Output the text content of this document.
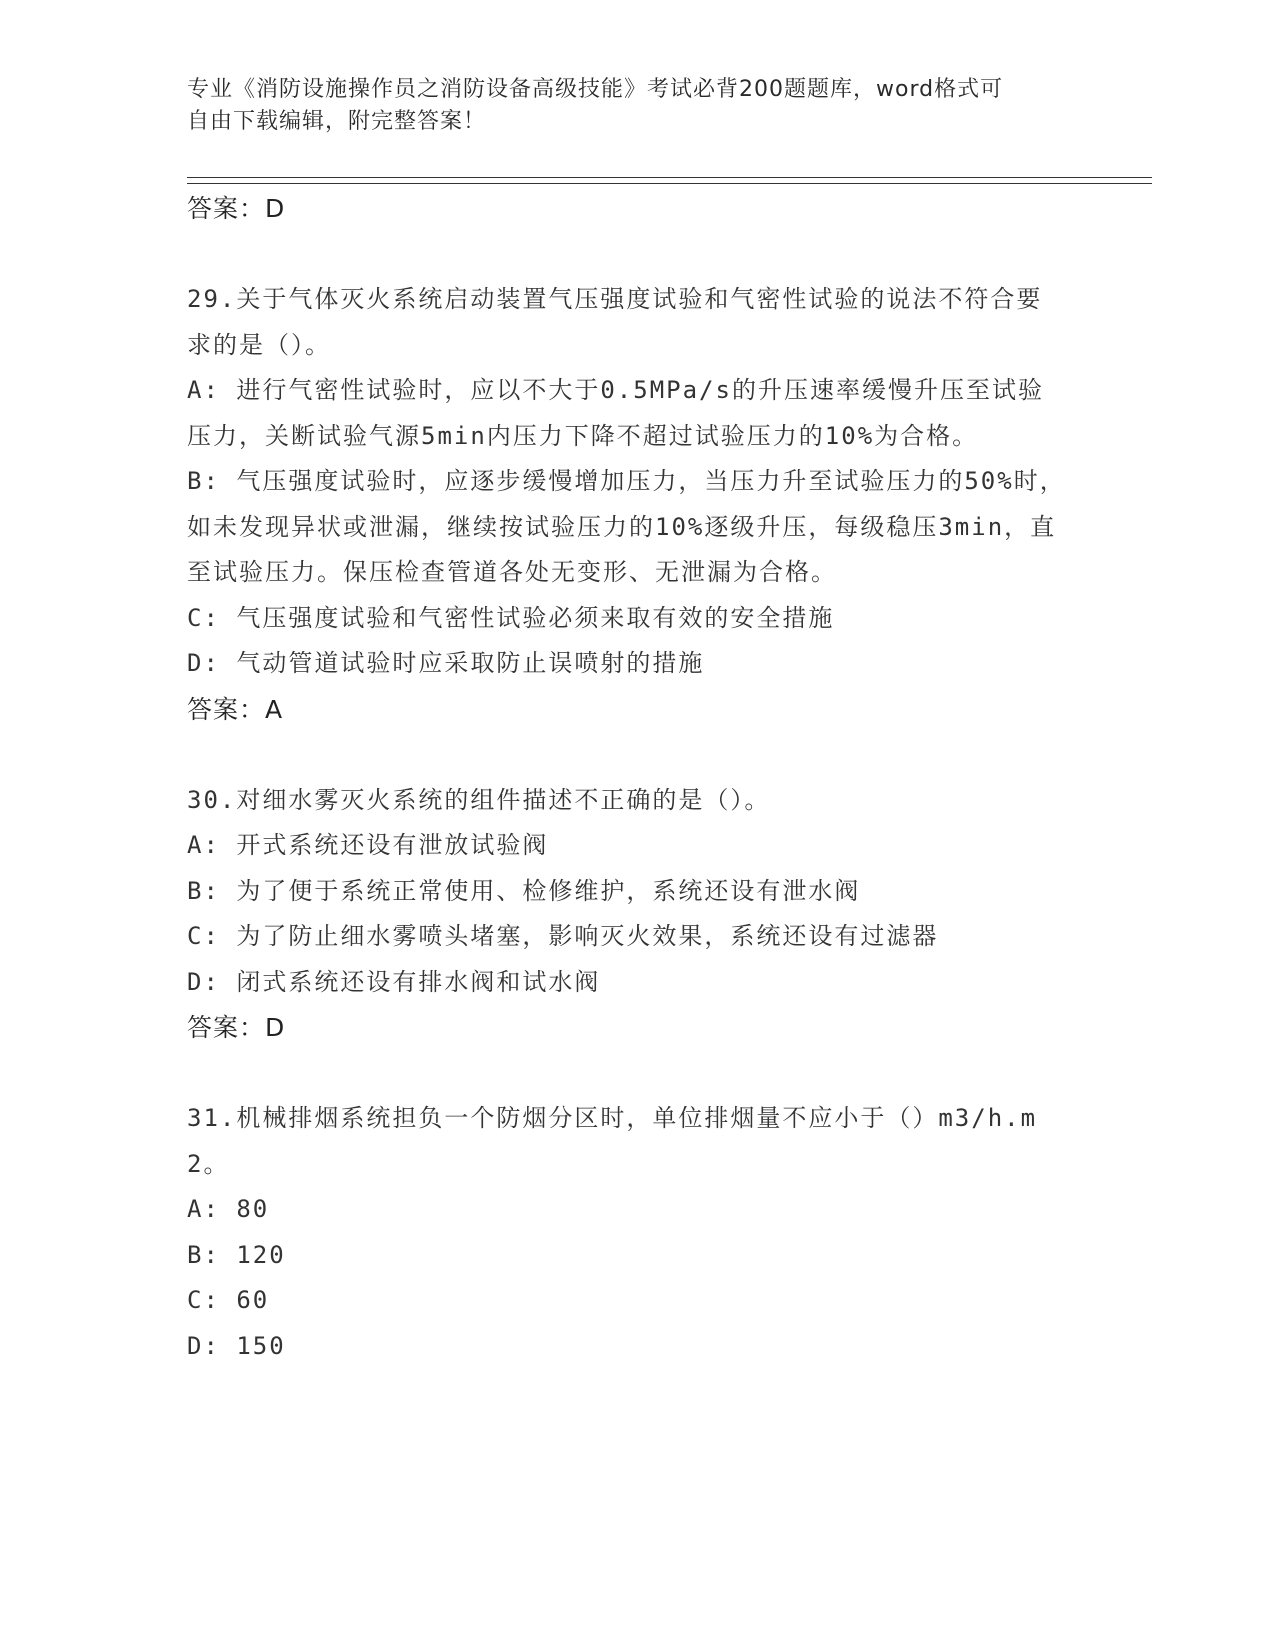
专业《消防设施操作员之消防设备高级技能》考试必背200题题库，word格式可
自由下载编辑，附完整答案！
答案：D
29.关于气体灭火系统启动装置气压强度试验和气密性试验的说法不符合要求的是（）。
A: 进行气密性试验时，应以不大于0.5MPa/s的升压速率缓慢升压至试验压力，关断试验气源5min内压力下降不超过试验压力的10%为合格。
B: 气压强度试验时，应逐步缓慢增加压力，当压力升至试验压力的50%时，如未发现异状或泄漏，继续按试验压力的10%逐级升压，每级稳压3min，直至试验压力。保压检查管道各处无变形、无泄漏为合格。
C: 气压强度试验和气密性试验必须来取有效的安全措施
D: 气动管道试验时应采取防止误喷射的措施
答案：A
30.对细水雾灭火系统的组件描述不正确的是（）。
A: 开式系统还设有泄放试验阀
B: 为了便于系统正常使用、检修维护，系统还设有泄水阀
C: 为了防止细水雾喷头堵塞，影响灭火效果，系统还设有过滤器
D: 闭式系统还设有排水阀和试水阀
答案：D
31.机械排烟系统担负一个防烟分区时，单位排烟量不应小于（）m3/h.m2。
A: 80
B: 120
C: 60
D: 150
